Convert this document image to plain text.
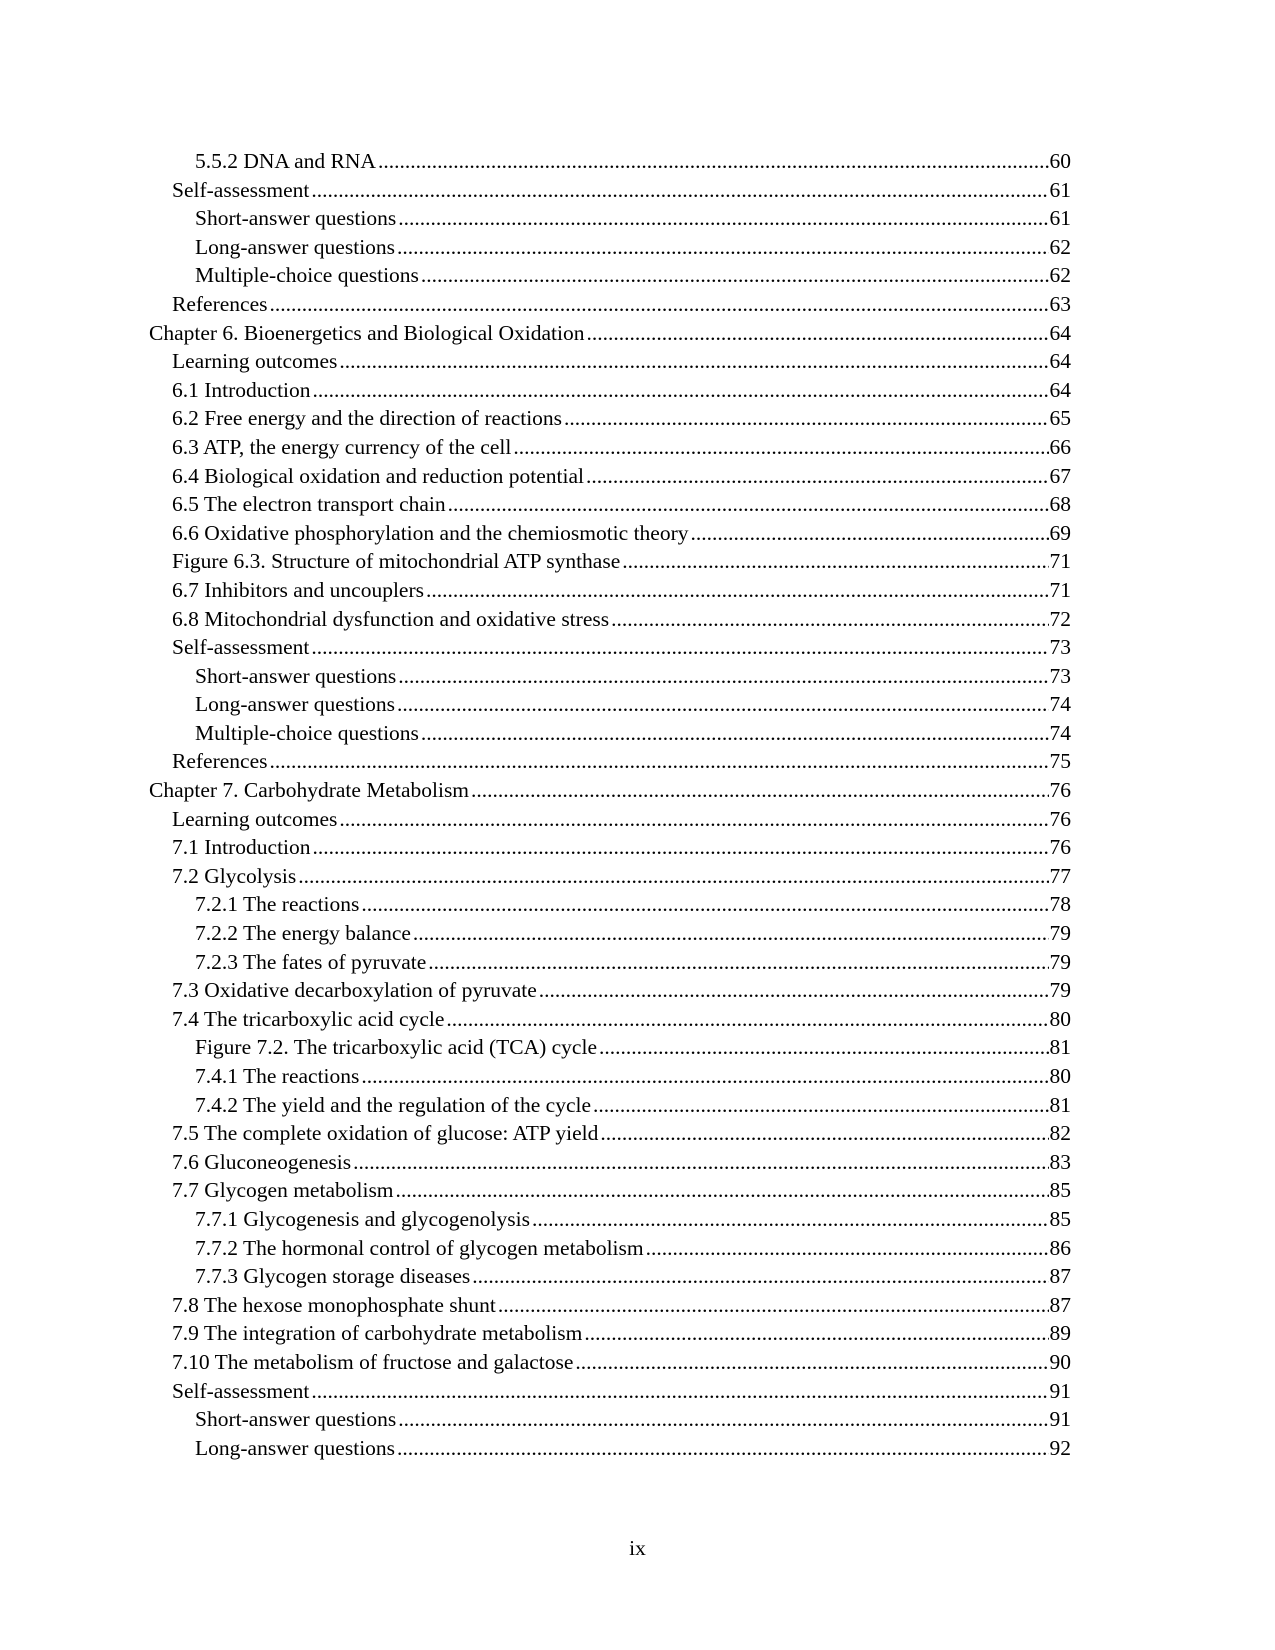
5.5.2 DNA and RNA .....	60
Self-assessment .....	61
Short-answer questions .....	61
Long-answer questions .....	62
Multiple-choice questions .....	62
References .....	63
Chapter 6. Bioenergetics and Biological Oxidation .....	64
Learning outcomes .....	64
6.1 Introduction .....	64
6.2 Free energy and the direction of reactions .....	65
6.3 ATP, the energy currency of the cell .....	66
6.4 Biological oxidation and reduction potential .....	67
6.5 The electron transport chain .....	68
6.6 Oxidative phosphorylation and the chemiosmotic theory .....	69
Figure 6.3. Structure of mitochondrial ATP synthase .....	71
6.7 Inhibitors and uncouplers .....	71
6.8 Mitochondrial dysfunction and oxidative stress .....	72
Self-assessment .....	73
Short-answer questions .....	73
Long-answer questions .....	74
Multiple-choice questions .....	74
References .....	75
Chapter 7. Carbohydrate Metabolism .....	76
Learning outcomes .....	76
7.1 Introduction .....	76
7.2 Glycolysis .....	77
7.2.1 The reactions .....	78
7.2.2 The energy balance .....	79
7.2.3 The fates of pyruvate .....	79
7.3 Oxidative decarboxylation of pyruvate .....	79
7.4 The tricarboxylic acid cycle .....	80
Figure 7.2. The tricarboxylic acid (TCA) cycle .....	81
7.4.1 The reactions .....	80
7.4.2 The yield and the regulation of the cycle .....	81
7.5 The complete oxidation of glucose: ATP yield .....	82
7.6 Gluconeogenesis .....	83
7.7 Glycogen metabolism .....	85
7.7.1 Glycogenesis and glycogenolysis .....	85
7.7.2 The hormonal control of glycogen metabolism .....	86
7.7.3 Glycogen storage diseases .....	87
7.8 The hexose monophosphate shunt .....	87
7.9 The integration of carbohydrate metabolism .....	89
7.10 The metabolism of fructose and galactose .....	90
Self-assessment .....	91
Short-answer questions .....	91
Long-answer questions .....	92
ix
